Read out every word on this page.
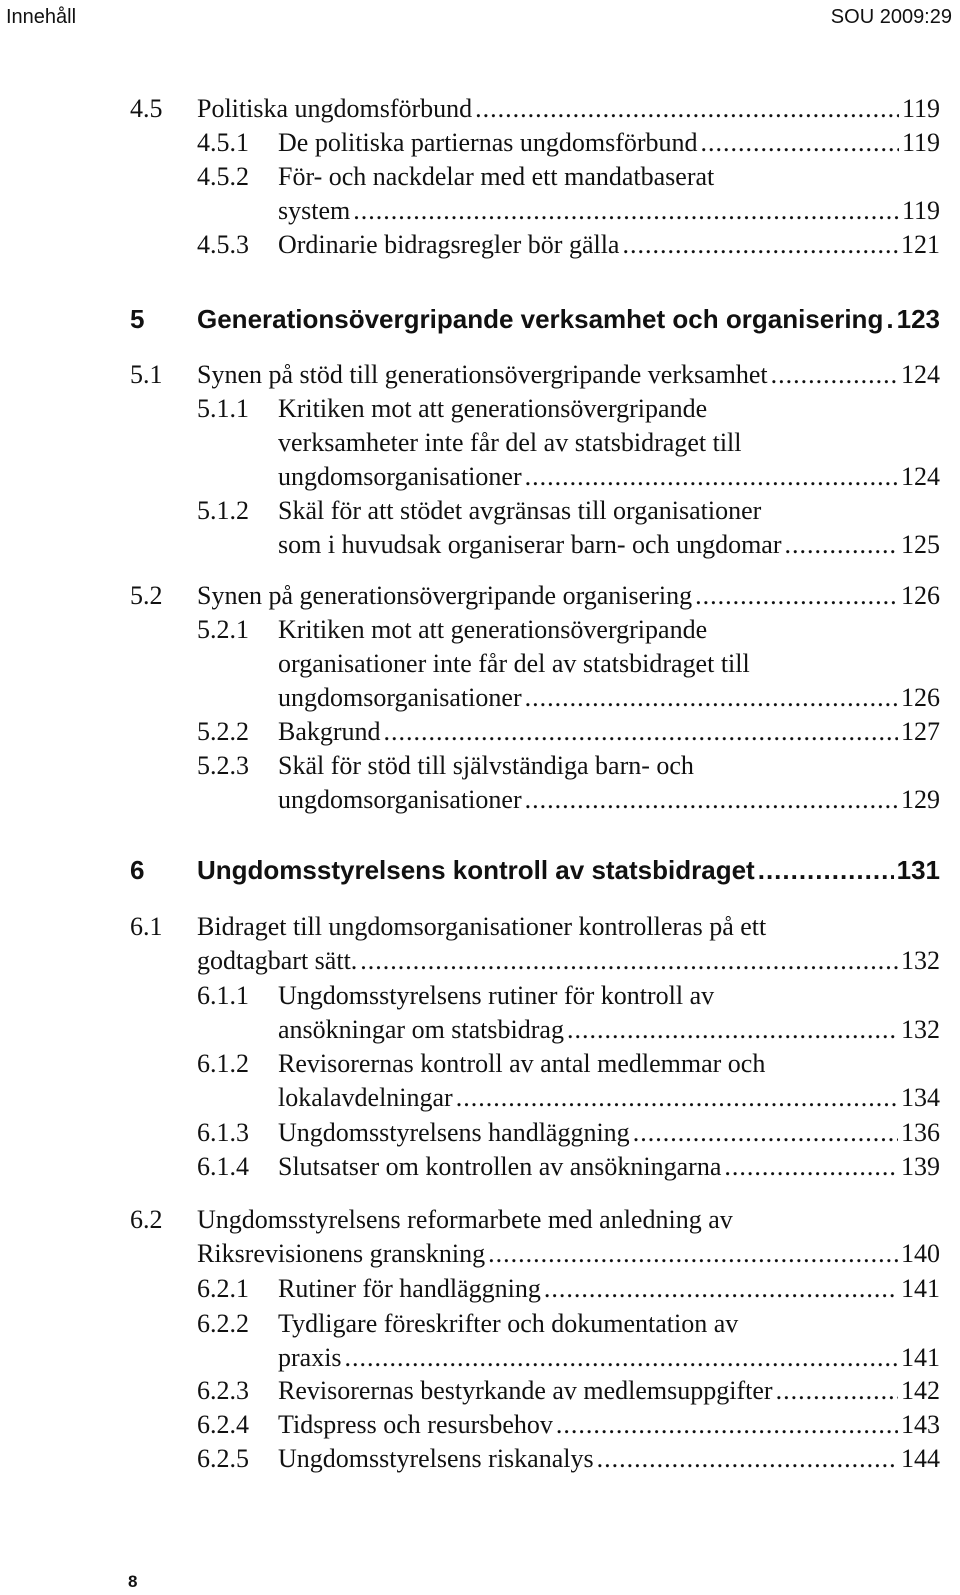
Innehåll	SOU 2009:29
4.5 Politiska ungdomsförbund .....	119
4.5.1 De politiska partiernas ungdomsförbund .....	119
4.5.2 För- och nackdelar med ett mandatbaserat
system .....	119
4.5.3 Ordinarie bidragsregler bör gälla .....	121
5 Generationsövergripande verksamhet och organisering ..... 123
5.1 Synen på stöd till generationsövergripande verksamhet .....	124
5.1.1 Kritiken mot att generationsövergripande
verksamheter inte får del av statsbidraget till
ungdomsorganisationer .....	124
5.1.2 Skäl för att stödet avgränsas till organisationer
som i huvudsak organiserar barn- och ungdomar .....	125
5.2 Synen på generationsövergripande organisering .....	126
5.2.1 Kritiken mot att generationsövergripande
organisationer inte får del av statsbidraget till
ungdomsorganisationer .....	126
5.2.2 Bakgrund .....	127
5.2.3 Skäl för stöd till självständiga barn- och
ungdomsorganisationer .....	129
6 Ungdomsstyrelsens kontroll av statsbidraget .....	131
6.1 Bidraget till ungdomsorganisationer kontrolleras på ett
godtagbart sätt. .....	132
6.1.1 Ungdomsstyrelsens rutiner för kontroll av
ansökningar om statsbidrag .....	132
6.1.2 Revisorernas kontroll av antal medlemmar och
lokalavdelningar .....	134
6.1.3 Ungdomsstyrelsens handläggning .....	136
6.1.4 Slutsatser om kontrollen av ansökningarna .....	139
6.2 Ungdomsstyrelsens reformarbete med anledning av
Riksrevisionens granskning .....	140
6.2.1 Rutiner för handläggning .....	141
6.2.2 Tydligare föreskrifter och dokumentation av
praxis .....	141
6.2.3 Revisorernas bestyrkande av medlemsuppgifter .....	142
6.2.4 Tidspress och resursbehov .....	143
6.2.5 Ungdomsstyrelsens riskanalys .....	144
8
